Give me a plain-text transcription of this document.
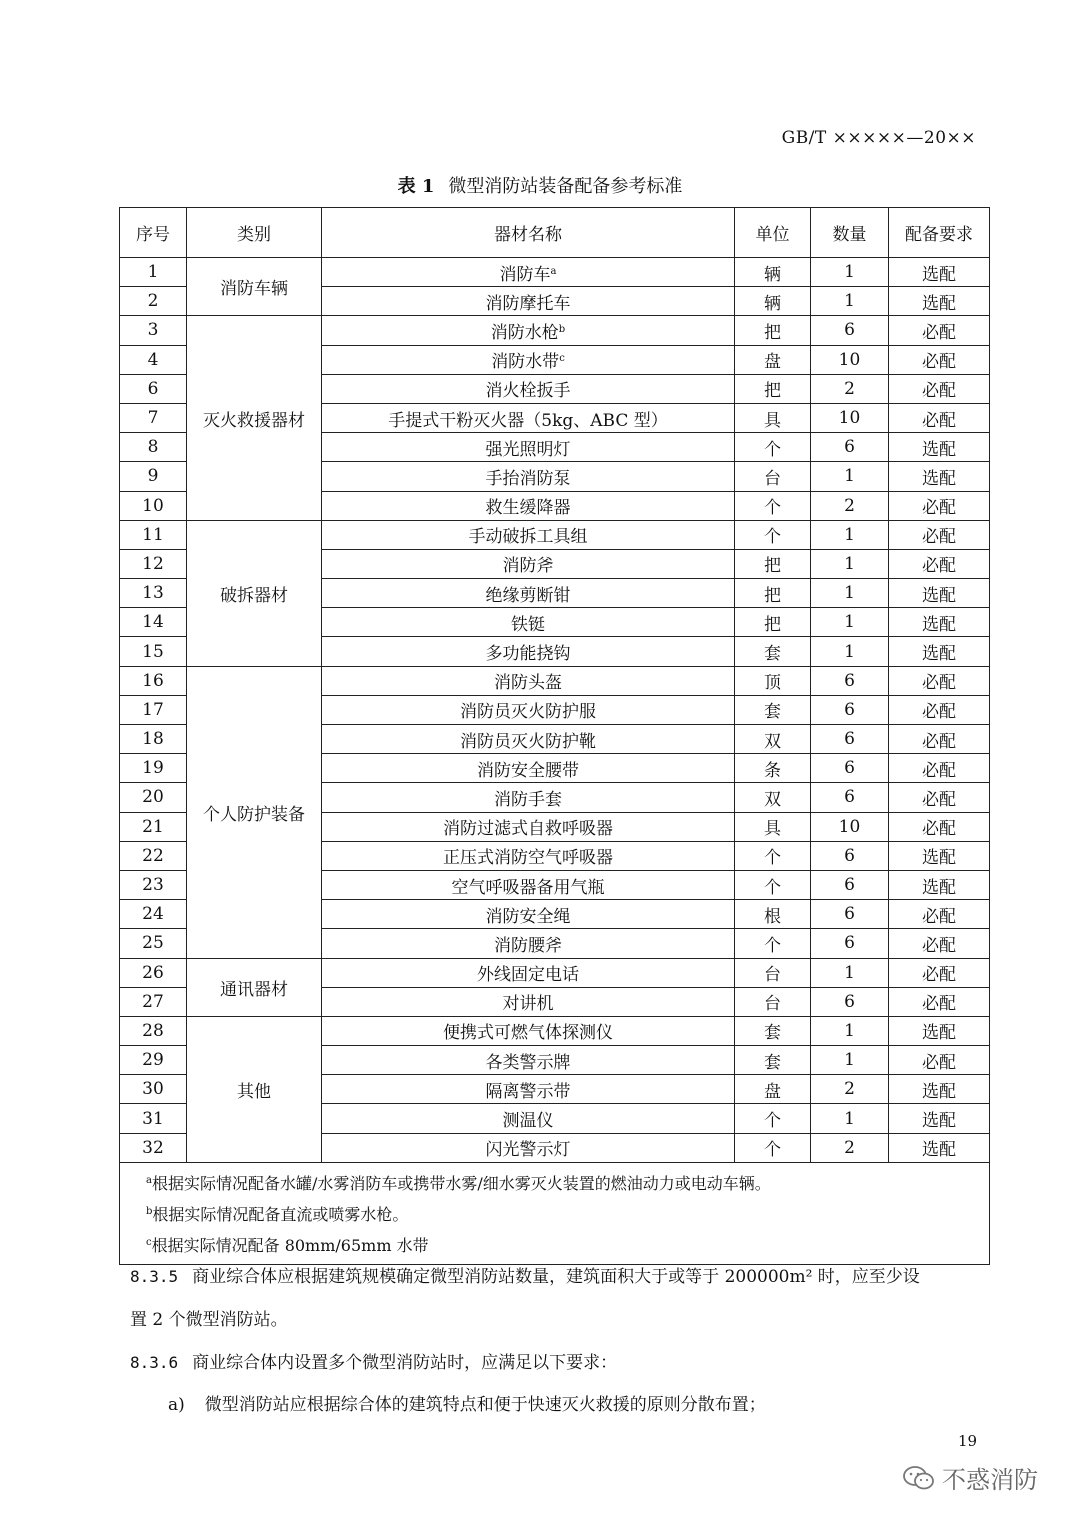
GB/T ×××××—20××
表 1 微型消防站装备配备参考标准
序号	类别	器材名称	单位	数量	配备要求
1	消防车辆	消防车$^a$	辆	1	选配
2		消防摩托车	辆	1	选配
3	灭火救援器材	消防水枪$^b$	把	6	必配
4		消防水带$^c$	盘	10	必配
6		消火栓扳手	把	2	必配
7		手提式干粉灭火器（5kg、ABC 型）	具	10	必配
8		强光照明灯	个	6	选配
9		手抬消防泵	台	1	选配
10		救生缓降器	个	2	必配
11	破拆器材	手动破拆工具组	个	1	必配
12		消防斧	把	1	必配
13		绝缘剪断钳	把	1	选配
14		铁铤	把	1	选配
15		多功能挠钩	套	1	选配
16	个人防护装备	消防头盔	顶	6	必配
17		消防员灭火防护服	套	6	必配
18		消防员灭火防护靴	双	6	必配
19		消防安全腰带	条	6	必配
20		消防手套	双	6	必配
21		消防过滤式自救呼吸器	具	10	必配
22		正压式消防空气呼吸器	个	6	选配
23		空气呼吸器备用气瓶	个	6	选配
24		消防安全绳	根	6	必配
25		消防腰斧	个	6	必配
26	通讯器材	外线固定电话	台	1	必配
27		对讲机	台	6	必配
28	其他	便携式可燃气体探测仪	套	1	选配
29		各类警示牌	套	1	必配
30		隔离警示带	盘	2	选配
31		测温仪	个	1	选配
32		闪光警示灯	个	2	选配

$^a$根据实际情况配备水罐/水雾消防车或携带水雾/细水雾灭火装置的燃油动力或电动车辆。
$^b$根据实际情况配备直流或喷雾水枪。
$^c$根据实际情况配备 80mm/65mm 水带					
8.3.5 商业综合体应根据建筑规模确定微型消防站数量，建筑面积大于或等于 200000m² 时，应至少设
置 2 个微型消防站。
8.3.6 商业综合体内设置多个微型消防站时，应满足以下要求：
a) 微型消防站应根据综合体的建筑特点和便于快速灭火救援的原则分散布置；
19
不惑消防
